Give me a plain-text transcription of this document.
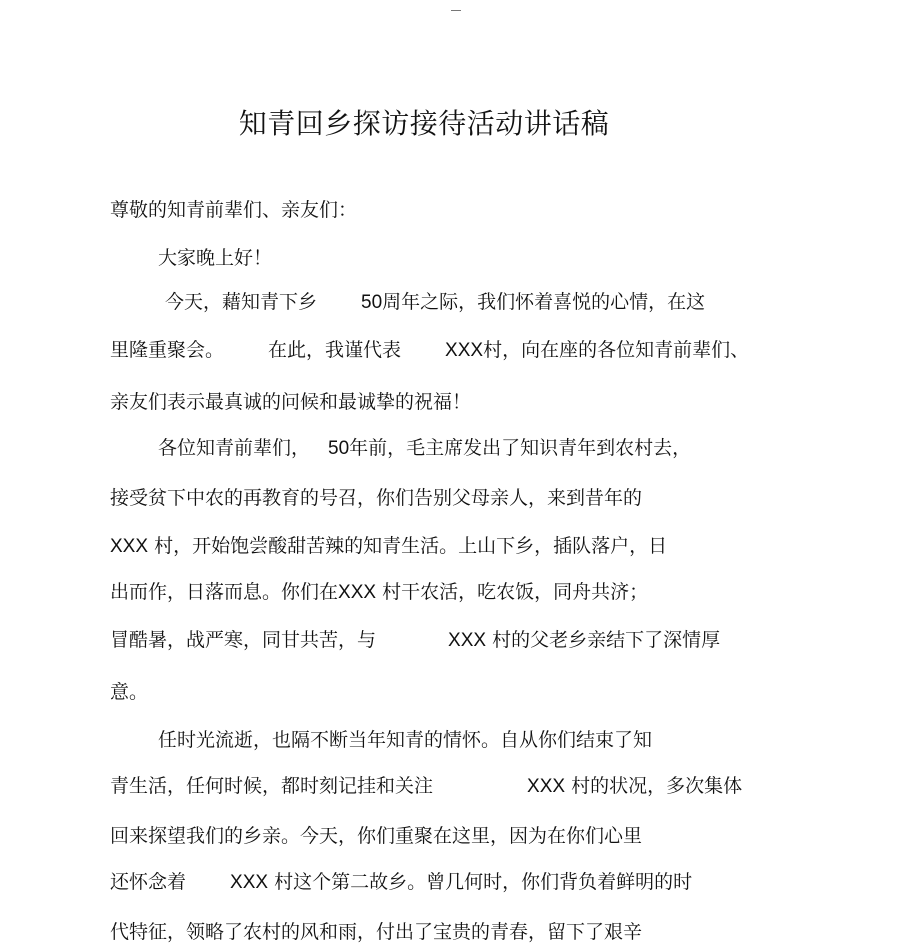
知青回乡探访接待活动讲话稿
尊敬的知青前辈们、亲友们：
大家晚上好！
今天，藉知青下乡 50周年之际，我们怀着喜悦的心情，在这
里隆重聚会。 在此，我谨代表 XXX村，向在座的各位知青前辈们、
亲友们表示最真诚的问候和最诚挚的祝福！
各位知青前辈们， 50年前，毛主席发出了知识青年到农村去，
接受贫下中农的再教育的号召，你们告别父母亲人，来到昔年的
XXX 村，开始饱尝酸甜苦辣的知青生活。上山下乡，插队落户，日
出而作，日落而息。你们在XXX 村干农活，吃农饭，同舟共济；
冒酷暑，战严寒，同甘共苦，与	XXX 村的父老乡亲结下了深情厚
意。
任时光流逝，也隔不断当年知青的情怀。自从你们结束了知
青生活，任何时候，都时刻记挂和关注	XXX 村的状况，多次集体
回来探望我们的乡亲。今天，你们重聚在这里，因为在你们心里
还怀念着 XXX 村这个第二故乡。曾几何时，你们背负着鲜明的时
代特征，领略了农村的风和雨，付出了宝贵的青春，留下了艰辛
